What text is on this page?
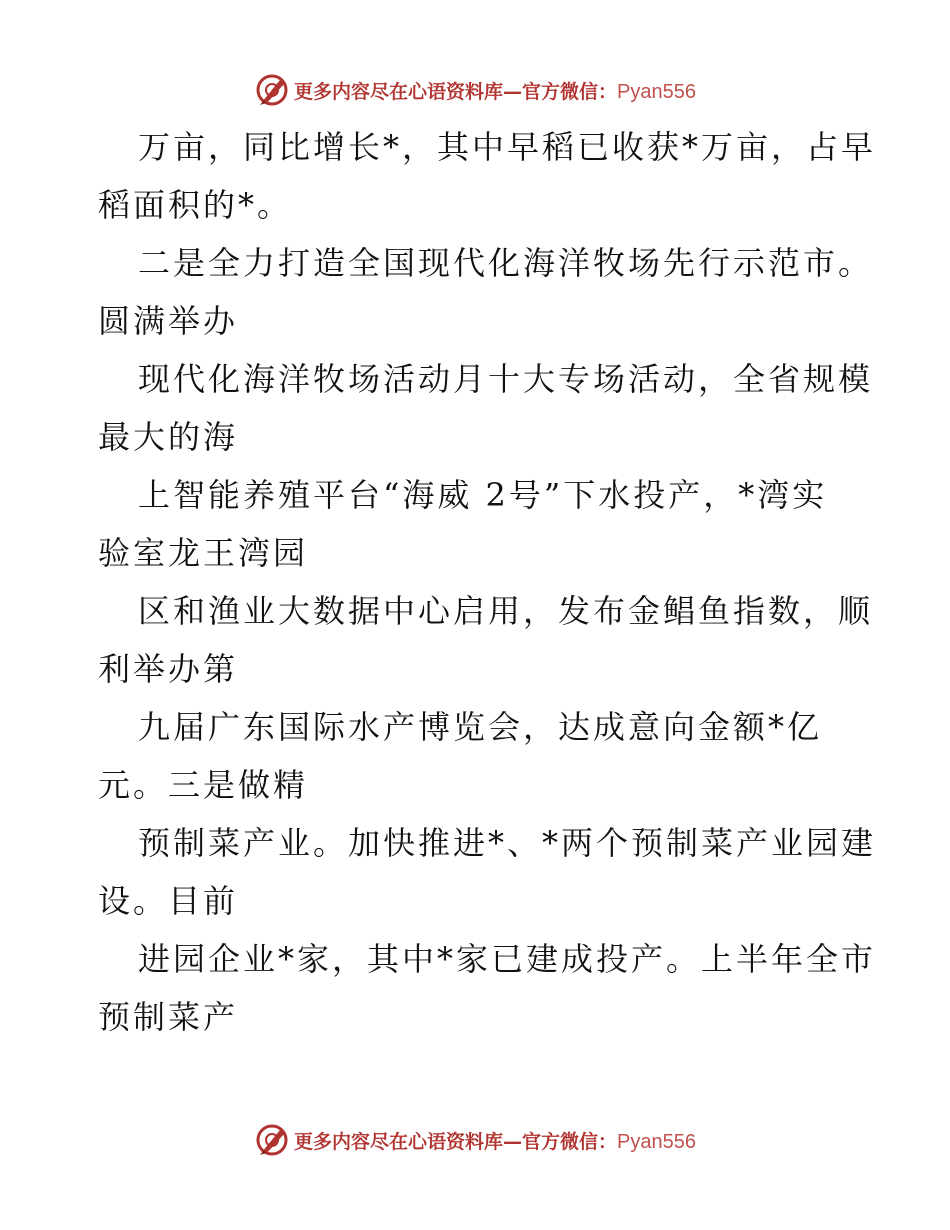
更多内容尽在心语资料库—官方微信：Pyan556
万亩，同比增长*，其中早稻已收获*万亩，占早
稻面积的*。
二是全力打造全国现代化海洋牧场先行示范市。
圆满举办
现代化海洋牧场活动月十大专场活动，全省规模
最大的海
上智能养殖平台“海威 2号”下水投产，*湾实
验室龙王湾园
区和渔业大数据中心启用，发布金鲳鱼指数，顺
利举办第
九届广东国际水产博览会，达成意向金额*亿
元。三是做精
预制菜产业。加快推进*、*两个预制菜产业园建
设。目前
进园企业*家，其中*家已建成投产。上半年全市
预制菜产
更多内容尽在心语资料库—官方微信：Pyan556
